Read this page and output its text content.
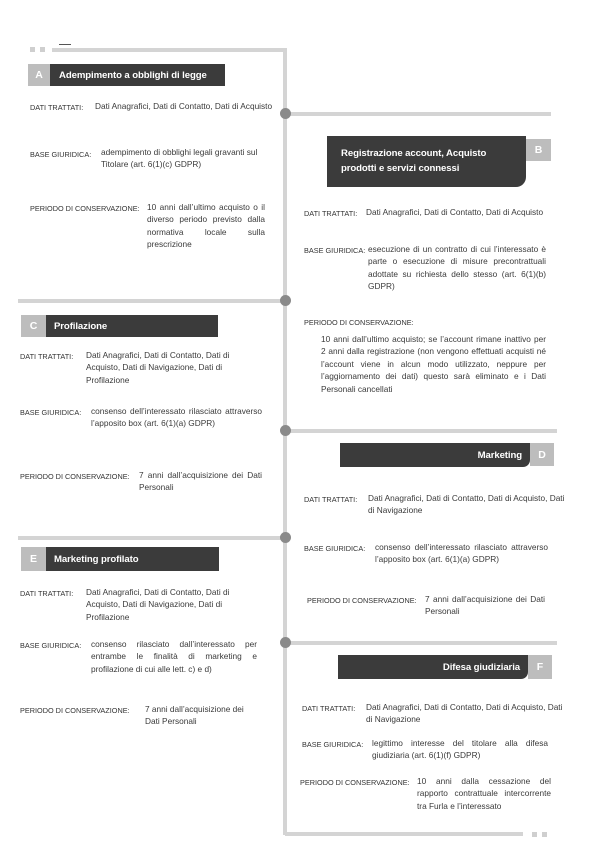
A	Adempimento a obblighi di legge
DATI TRATTATI: Dati Anagrafici, Dati di Contatto, Dati di Acquisto
BASE GIURIDICA: adempimento di obblighi legali gravanti sul Titolare (art. 6(1)(c) GDPR)
PERIODO DI CONSERVAZIONE: 10 anni dall’ultimo acquisto o il diverso periodo previsto dalla normativa locale sulla prescrizione
Registrazione account, Acquisto prodotti e servizi connessi
B
DATI TRATTATI: Dati Anagrafici, Dati di Contatto, Dati di Acquisto
BASE GIURIDICA: esecuzione di un contratto di cui l’interessato è parte o esecuzione di misure precontrattuali adottate su richiesta dello stesso (art. 6(1)(b) GDPR)
PERIODO DI CONSERVAZIONE:
10 anni dall’ultimo acquisto; se l’account rimane inattivo per 2 anni dalla registrazione (non vengono effettuati acquisti né l’account viene in alcun modo utilizzato, neppure per l’aggiornamento dei dati) questo sarà eliminato e i Dati Personali cancellati
C	Profilazione
DATI TRATTATI: Dati Anagrafici, Dati di Contatto, Dati di Acquisto, Dati di Navigazione, Dati di Profilazione
BASE GIURIDICA: consenso dell’interessato rilasciato attraverso l’apposito box (art. 6(1)(a) GDPR)
PERIODO DI CONSERVAZIONE: 7 anni dall’acquisizione dei Dati Personali
Marketing	D
DATI TRATTATI: Dati Anagrafici, Dati di Contatto, Dati di Acquisto, Dati di Navigazione
BASE GIURIDICA: consenso dell’interessato rilasciato attraverso l’apposito box (art. 6(1)(a) GDPR)
PERIODO DI CONSERVAZIONE: 7 anni dall’acquisizione dei Dati Personali
E	Marketing profilato
DATI TRATTATI: Dati Anagrafici, Dati di Contatto, Dati di Acquisto, Dati di Navigazione, Dati di Profilazione
BASE GIURIDICA: consenso rilasciato dall’interessato per entrambe le finalità di marketing e profilazione di cui alle lett. c) e d)
PERIODO DI CONSERVAZIONE: 7 anni dall’acquisizione dei Dati Personali
Difesa giudiziaria	F
DATI TRATTATI: Dati Anagrafici, Dati di Contatto, Dati di Acquisto, Dati di Navigazione
BASE GIURIDICA: legittimo interesse del titolare alla difesa giudiziaria (art. 6(1)(f) GDPR)
PERIODO DI CONSERVAZIONE: 10 anni dalla cessazione del rapporto contrattuale intercorrente tra Furla e l’interessato
